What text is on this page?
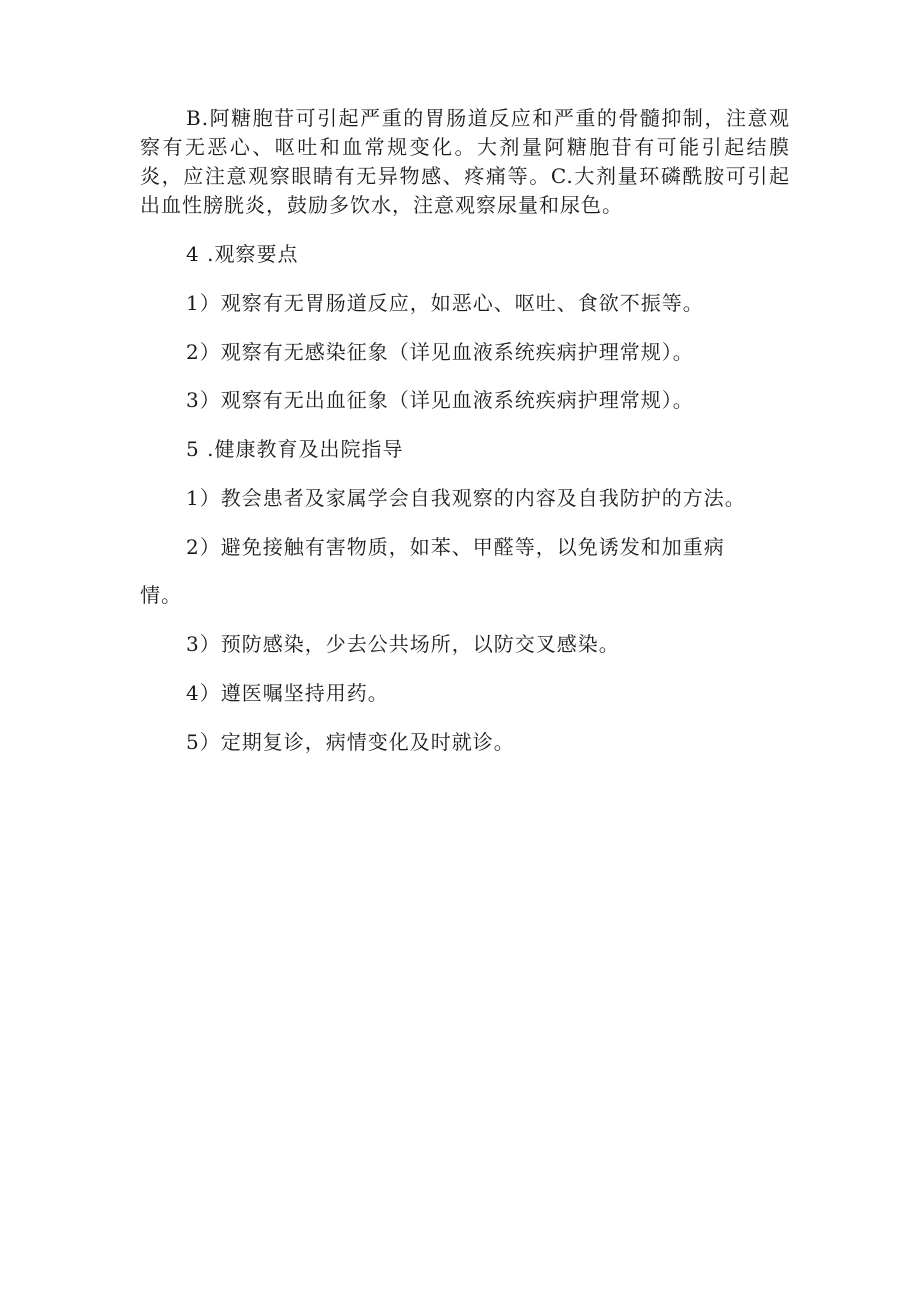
B.阿糖胞苷可引起严重的胃肠道反应和严重的骨髓抑制，注意观察有无恶心、呕吐和血常规变化。大剂量阿糖胞苷有可能引起结膜炎，应注意观察眼睛有无异物感、疼痛等。C.大剂量环磷酰胺可引起出血性膀胱炎，鼓励多饮水，注意观察尿量和尿色。
4 .观察要点
1）观察有无胃肠道反应，如恶心、呕吐、食欲不振等。
2）观察有无感染征象（详见血液系统疾病护理常规）。
3）观察有无出血征象（详见血液系统疾病护理常规）。
5 .健康教育及出院指导
1）教会患者及家属学会自我观察的内容及自我防护的方法。
2）避免接触有害物质，如苯、甲醛等，以免诱发和加重病
情。
3）预防感染，少去公共场所，以防交叉感染。
4）遵医嘱坚持用药。
5）定期复诊，病情变化及时就诊。
